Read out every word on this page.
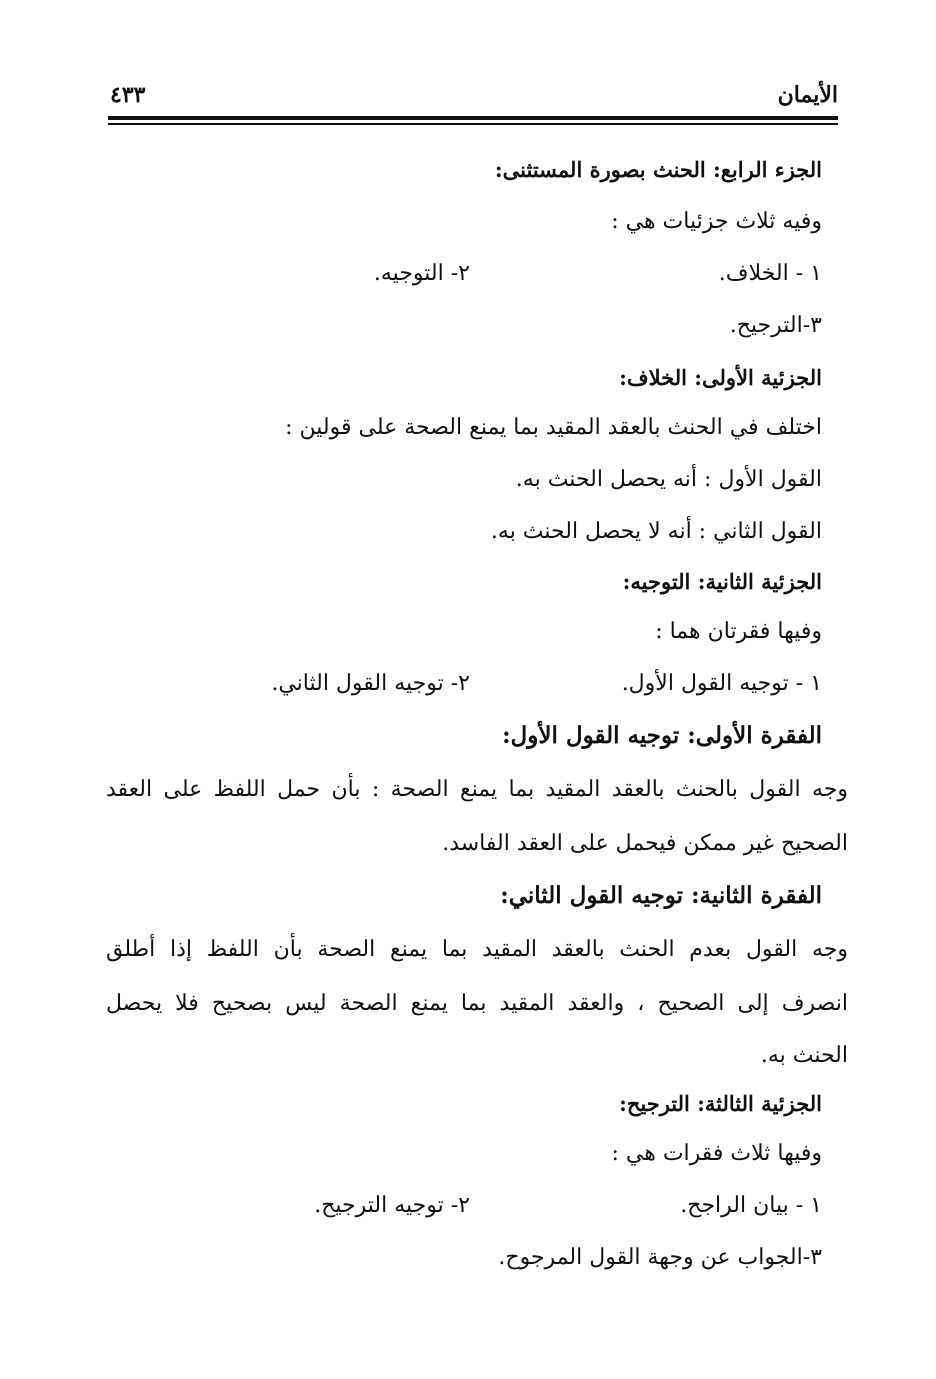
الأيمان
٤٣٣
الجزء الرابع: الحنث بصورة المستثنى:
وفيه ثلاث جزئيات هي :
١ - الخلاف.
٢- التوجيه.
٣-الترجيح.
الجزئية الأولى: الخلاف:
اختلف في الحنث بالعقد المقيد بما يمنع الصحة على قولين :
القول الأول : أنه يحصل الحنث به.
القول الثاني : أنه لا يحصل الحنث به.
الجزئية الثانية: التوجيه:
وفيها فقرتان هما :
١ - توجيه القول الأول.
٢- توجيه القول الثاني.
الفقرة الأولى: توجيه القول الأول:
وجه القول بالحنث بالعقد المقيد بما يمنع الصحة : بأن حمل اللفظ على العقد
الصحيح غير ممكن فيحمل على العقد الفاسد.
الفقرة الثانية: توجيه القول الثاني:
وجه القول بعدم الحنث بالعقد المقيد بما يمنع الصحة بأن اللفظ إذا أطلق
انصرف إلى الصحيح ، والعقد المقيد بما يمنع الصحة ليس بصحيح فلا يحصل
الحنث به.
الجزئية الثالثة: الترجيح:
وفيها ثلاث فقرات هي :
١ - بيان الراجح.
٢- توجيه الترجيح.
٣-الجواب عن وجهة القول المرجوح.
